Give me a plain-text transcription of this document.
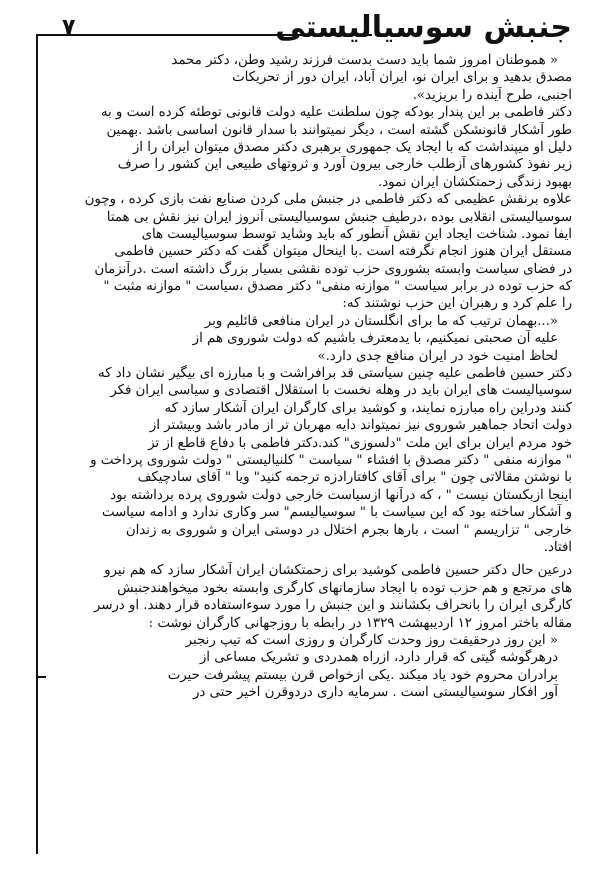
جنبش سوسیالیستی
۷
« هموطنان امروز شما باید دست بدست فرزند رشید وطن، دکتر محمد
مصدق بدهید و برای ایران نو، ایران آباد، ایران دور از تحریکات
اجنبی، طرح آینده را بریزید».
دکتر فاطمی بر این پندار بودکه چون سلطنت علیه دولت قانونی توطئه کرده است و به
طور آشکار قانونشکن گشته است ، دیگر نمیتوانند با سدار قانون اساسی باشد .بهمین
دلیل او میپنداشت که با ایجاد یک جمهوری برهبری دکتر مصدق میتوان ایران را از
زیر نفوذ کشورهای آزطلب خارجی بیرون آورد و ثروتهای طبیعی این کشور را صرف
بهبود زندگی زحمتکشان ایران نمود.
علاوه برنقش عظیمی که دکتر فاطمی در جنبش ملی کردن صنایع نفت بازی کرده ، وچون
سوسیالیستی انقلابی بوده ،درطیف جنبش سوسیالیستی آنروز ایران نیز نقش بی همتا
ایفا نمود. شناخت ایجاد این نقش آنطور که باید وشاید توسط سوسیالیست های
مستقل ایران هنوز انجام نگرفته است .با اینحال میتوان گفت که دکتر حسین فاطمی
در فضای سیاست وابسته بشوروی حزب توده نقشی بسیار بزرگ داشته است .درآنزمان
که حزب توده در برابر سیاست " موازنه منفی" دکتر مصدق ،سیاست " موازنه مثبت "
را علم کرد و رهبران این حزب نوشتند که:
«...بهمان ترتیب که ما برای انگلستان در ایران منافعی قائلیم وبر
علیه آن صحبتی نمیکنیم، با یدمعترف باشیم که دولت شوروی هم از
لحاظ امنیت خود در ایران منافع جدی دارد.»
دکتر حسین فاطمی علیه چنین سیاستی قد برافراشت و با مبارزه ای بیگیر نشان داد که
سوسیالیست های ایران باید در وهله نخست با استقلال اقتصادی و سیاسی ایران فکر
کنند ودراین راه مبارزه نمایند، و کوشید برای کارگران ایران آشکار سازد که
دولت اتحاد جماهیر شوروی نیز نمیتواند دایه مهربان تر از مادر باشد وبیشتر از
خود مردم ایران برای این ملت "دلسوزی" کند.دکتر فاطمی با دفاع قاطع از تز
" موازنه منفی " دکتر مصدق با افشاء " سیاست " کلنیالیستی " دولت شوروی پرداخت و
با نوشتن مقالاتی چون " برای آقای کافتارادزه ترجمه کنید" ویا " آقای سادچیکف
اینجا ازبکستان نیست " ، که درآنها ازسیاست خارجی دولت شوروی پرده برداشته بود
و آشکار ساخته بود که این سیاست با " سوسیالیسم" سر وکاری ندارد و ادامه سیاست
خارجی " تزاریسم " است ، بارها بجرم اختلال در دوستی ایران و شوروی به زندان
افتاد.
درعین حال دکتر حسین فاطمی کوشید برای زحمتکشان ایران آشکار سازد که هم نیرو
های مرتجع و هم حزب توده با ایجاد سازمانهای کارگری وابسته بخود میخواهندجنبش
کارگری ایران را بانحراف بکشانند و این جنبش را مورد سوءاستفاده قرار دهند. او درسر
مقاله باختر امروز ۱۲ اردیبهشت ۱۳۲۹ در رابطه با روزجهانی کارگران نوشت :
« این روز درحقیقت روز وحدت کارگران و روزی است که تیپ رنجبر
درهرگوشه گیتی که قرار دارد، ازراه همدردی و تشریک مساعی از
برادران محروم خود یاد میکند .یکی ازخواص قرن بیستم پیشرفت حیرت
آور افکار سوسیالیستی است . سرمایه داری دردوقرن اخیر حتی در
